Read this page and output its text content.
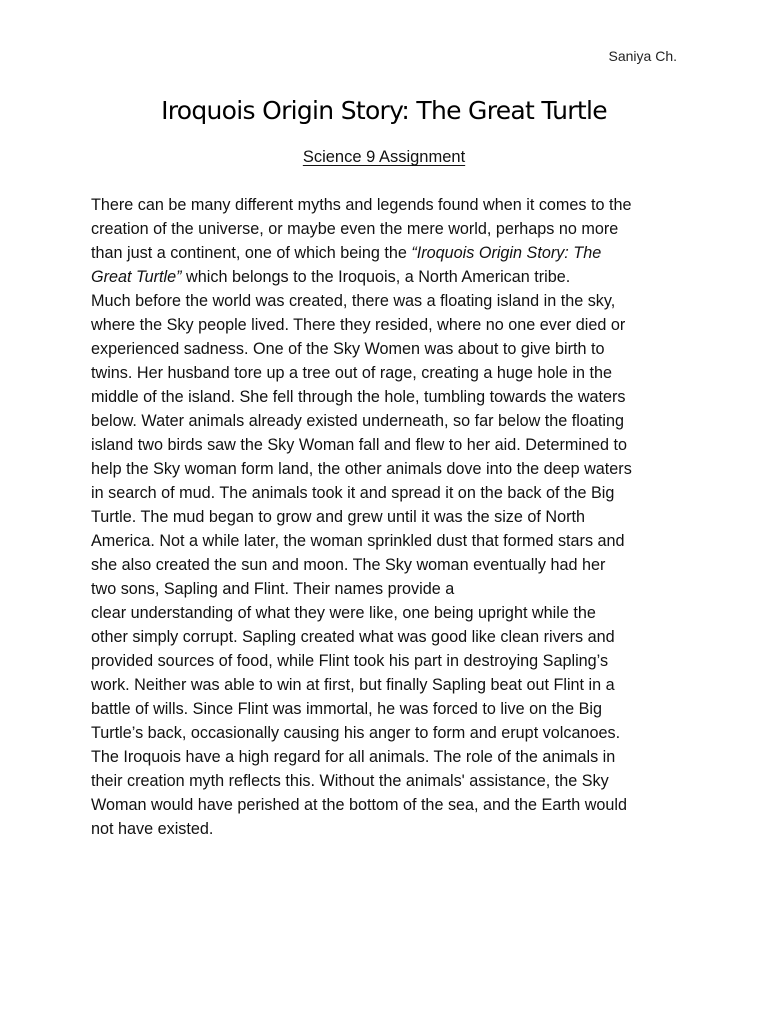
Saniya Ch.
Iroquois Origin Story: The Great Turtle
Science 9 Assignment
There can be many different myths and legends found when it comes to the
creation of the universe, or maybe even the mere world, perhaps no more
than just a continent, one of which being the “Iroquois Origin Story: The
Great Turtle” which belongs to the Iroquois, a North American tribe.
Much before the world was created, there was a floating island in the sky,
where the Sky people lived. There they resided, where no one ever died or
experienced sadness. One of the Sky Women was about to give birth to
twins. Her husband tore up a tree out of rage, creating a huge hole in the
middle of the island. She fell through the hole, tumbling towards the waters
below. Water animals already existed underneath, so far below the floating
island two birds saw the Sky Woman fall and flew to her aid. Determined to
help the Sky woman form land, the other animals dove into the deep waters
in search of mud. The animals took it and spread it on the back of the Big
Turtle. The mud began to grow and grew until it was the size of North
America. Not a while later, the woman sprinkled dust that formed stars and
she also created the sun and moon. The Sky woman eventually had her
two sons, Sapling and Flint. Their names provide a
clear understanding of what they were like, one being upright while the
other simply corrupt. Sapling created what was good like clean rivers and
provided sources of food, while Flint took his part in destroying Sapling’s
work. Neither was able to win at first, but finally Sapling beat out Flint in a
battle of wills. Since Flint was immortal, he was forced to live on the Big
Turtle’s back, occasionally causing his anger to form and erupt volcanoes.
The Iroquois have a high regard for all animals. The role of the animals in
their creation myth reflects this. Without the animals' assistance, the Sky
Woman would have perished at the bottom of the sea, and the Earth would
not have existed.
